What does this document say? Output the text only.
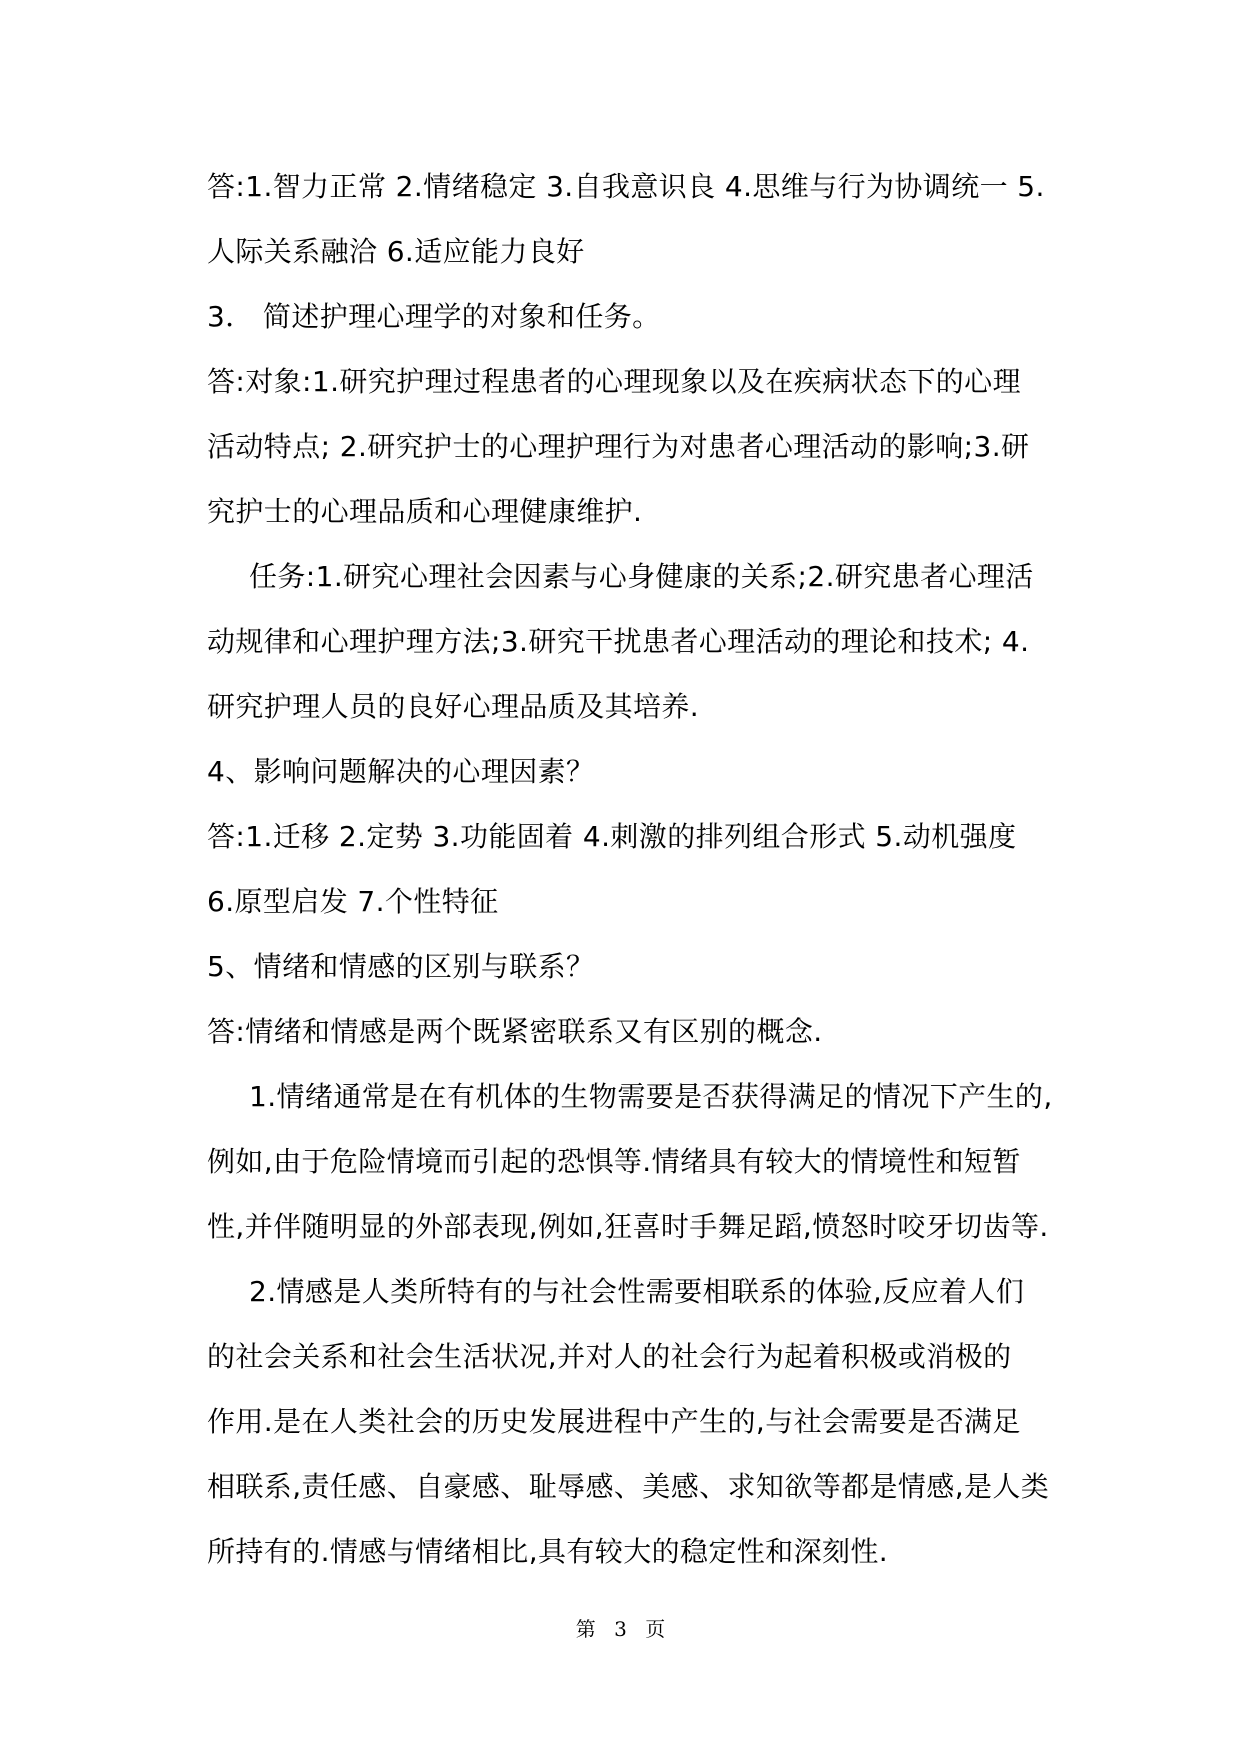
答:1.智力正常 2.情绪稳定 3.自我意识良 4.思维与行为协调统一 5.

人际关系融洽 6.适应能力良好

3． 简述护理心理学的对象和任务。

答:对象:1.研究护理过程患者的心理现象以及在疾病状态下的心理

活动特点; 2.研究护士的心理护理行为对患者心理活动的影响;3.研

究护士的心理品质和心理健康维护.

任务:1.研究心理社会因素与心身健康的关系;2.研究患者心理活

动规律和心理护理方法;3.研究干扰患者心理活动的理论和技术; 4.

研究护理人员的良好心理品质及其培养.

4、影响问题解决的心理因素？

答:1.迁移 2.定势 3.功能固着 4.刺激的排列组合形式 5.动机强度

6.原型启发 7.个性特征

5、情绪和情感的区别与联系？

答:情绪和情感是两个既紧密联系又有区别的概念.

1.情绪通常是在有机体的生物需要是否获得满足的情况下产生的,

例如,由于危险情境而引起的恐惧等.情绪具有较大的情境性和短暂

性,并伴随明显的外部表现,例如,狂喜时手舞足蹈,愤怒时咬牙切齿等.

2.情感是人类所特有的与社会性需要相联系的体验,反应着人们

的社会关系和社会生活状况,并对人的社会行为起着积极或消极的

作用.是在人类社会的历史发展进程中产生的,与社会需要是否满足

相联系,责任感、自豪感、耻辱感、美感、求知欲等都是情感,是人类

所持有的.情感与情绪相比,具有较大的稳定性和深刻性.

第 3 页
